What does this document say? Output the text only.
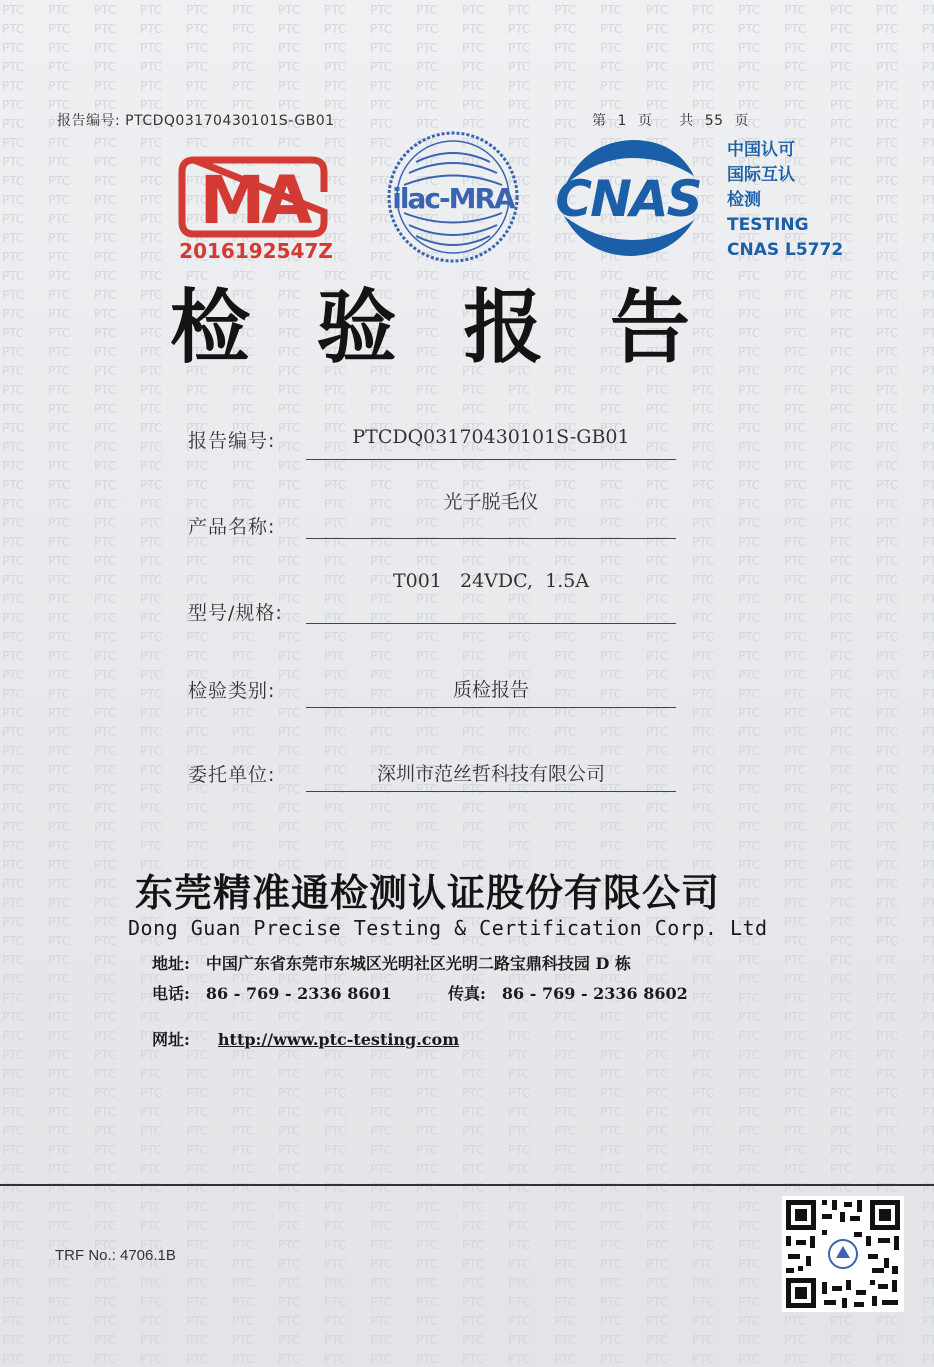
报告编号: PTCDQ03170430101S-GB01	第 1 页 共 55 页
MA
2016192547Z
ilac-MRA CNAS
中国认可
国际互认
检测
TESTING
CNAS L5772
检 验 报 告
报告编号:	PTCDQ03170430101S-GB01
产品名称:
光子脱毛仪
型号/规格:
T001   24VDC,  1.5A
检验类别:	质检报告
委托单位:	深圳市范丝哲科技有限公司
东莞精准通检测认证股份有限公司
Dong Guan Precise Testing & Certification Corp. Ltd
地址: 中国广东省东莞市东城区光明社区光明二路宝鼎科技园 D 栋
电话: 86 - 769 - 2336 8601	传真: 86 - 769 - 2336 8602
网址: http://www.ptc-testing.com
TRF No.: 4706.1B
